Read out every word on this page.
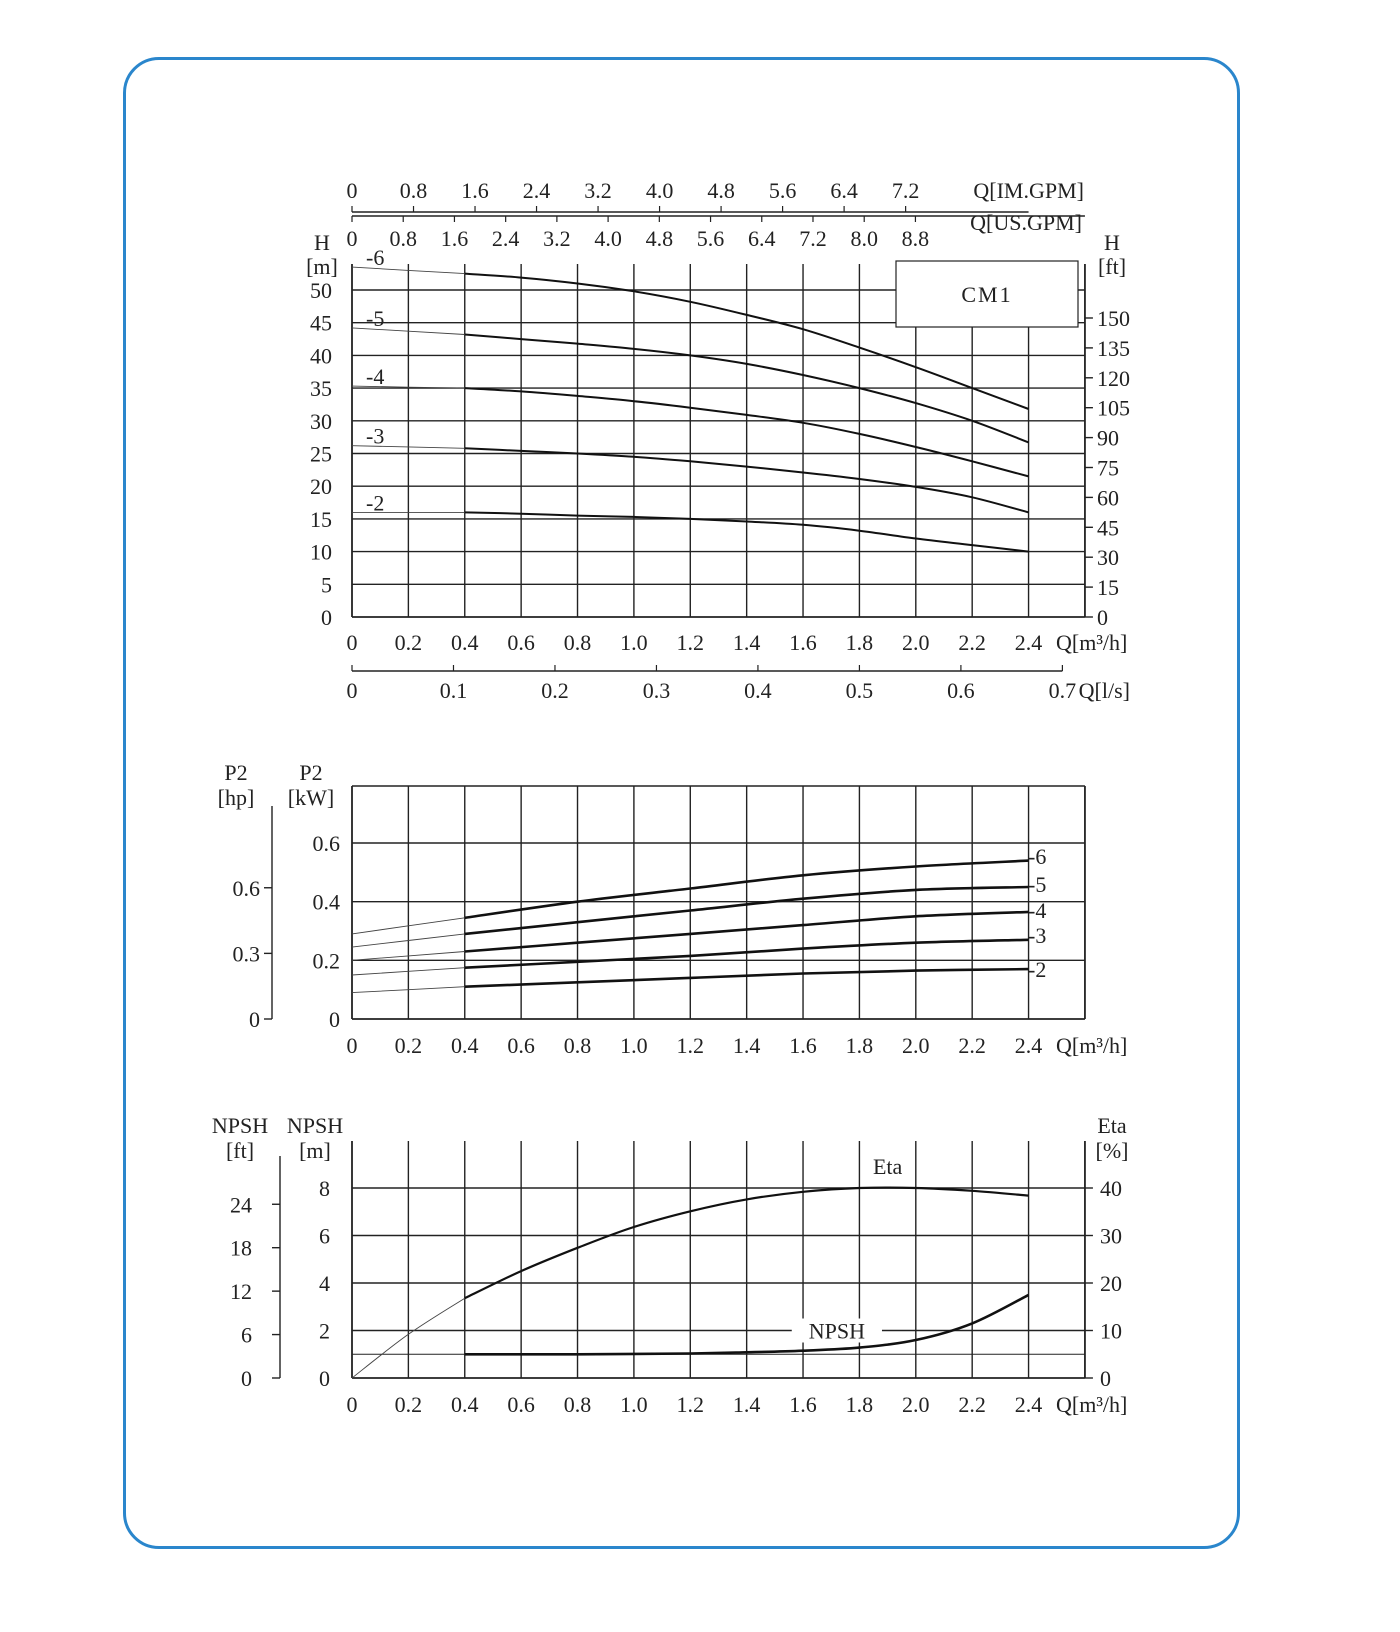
0
5
10
15
20
25
30
35
40
45
50
0
15
30
45
60
75
90
105
120
135
150
H
[m]
H
[ft]
0 0.2 0.4 0.6 0.8 1.0 1.2 1.4 1.6 1.8 2.0 2.2 2.4 Q[m³/h]
0 0.8 1.6 2.4 3.2 4.0 4.8 5.6 6.4 7.2 8.0 8.8
Q[US.GPM]
0 0.8 1.6 2.4 3.2 4.0 4.8 5.6 6.4 7.2 Q[IM.GPM]
0	0.1	0.2	0.3	0.4	0.5	0.6	0.7 Q[l/s]
CM1
-6
-5
-4
-3
-2
0
0.2
0.4
0.6
0
0.3
0.6
P2
[hp]
P2
[kW]
0 0.2 0.4 0.6 0.8 1.0 1.2 1.4 1.6 1.8 2.0 2.2 2.4 Q[m³/h]
-6
-5
-4
-3
-2
0
2
4
6
8
0
6
12
18
24
0
10
20
30
40
NPSH
[ft]
NPSH
[m]
Eta
[%]
0 0.2 0.4 0.6 0.8 1.0 1.2 1.4 1.6 1.8 2.0 2.2 2.4 Q[m³/h]
Eta
NPSH
